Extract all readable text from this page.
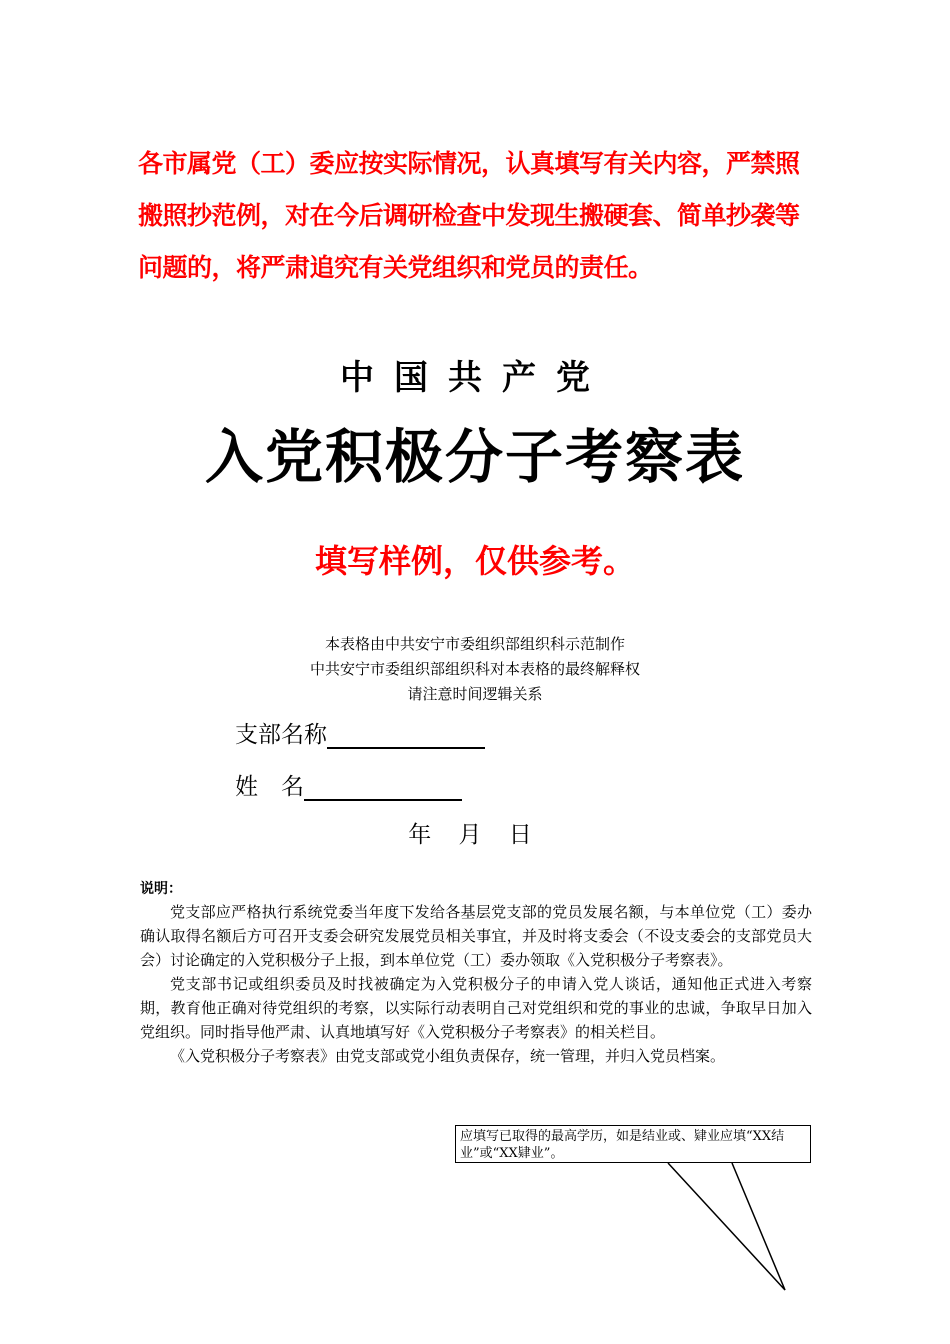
各市属党（工）委应按实际情况，认真填写有关内容，严禁照搬照抄范例，对在今后调研检查中发现生搬硬套、简单抄袭等问题的，将严肃追究有关党组织和党员的责任。
中国共产党
入党积极分子考察表
填写样例，仅供参考。
本表格由中共安宁市委组织部组织科示范制作
中共安宁市委组织部组织科对本表格的最终解释权
请注意时间逻辑关系
支部名称
姓　名
年 月 日
说明：

党支部应严格执行系统党委当年度下发给各基层党支部的党员发展名额，与本单位党（工）委办确认取得名额后方可召开支委会研究发展党员相关事宜，并及时将支委会（不设支委会的支部党员大会）讨论确定的入党积极分子上报，到本单位党（工）委办领取《入党积极分子考察表》。

党支部书记或组织委员及时找被确定为入党积极分子的申请入党人谈话，通知他正式进入考察期，教育他正确对待党组织的考察，以实际行动表明自己对党组织和党的事业的忠诚，争取早日加入党组织。同时指导他严肃、认真地填写好《入党积极分子考察表》的相关栏目。

《入党积极分子考察表》由党支部或党小组负责保存，统一管理，并归入党员档案。

应填写已取得的最高学历，如是结业或、肄业应填“XX结业”或“XX肄业”。
